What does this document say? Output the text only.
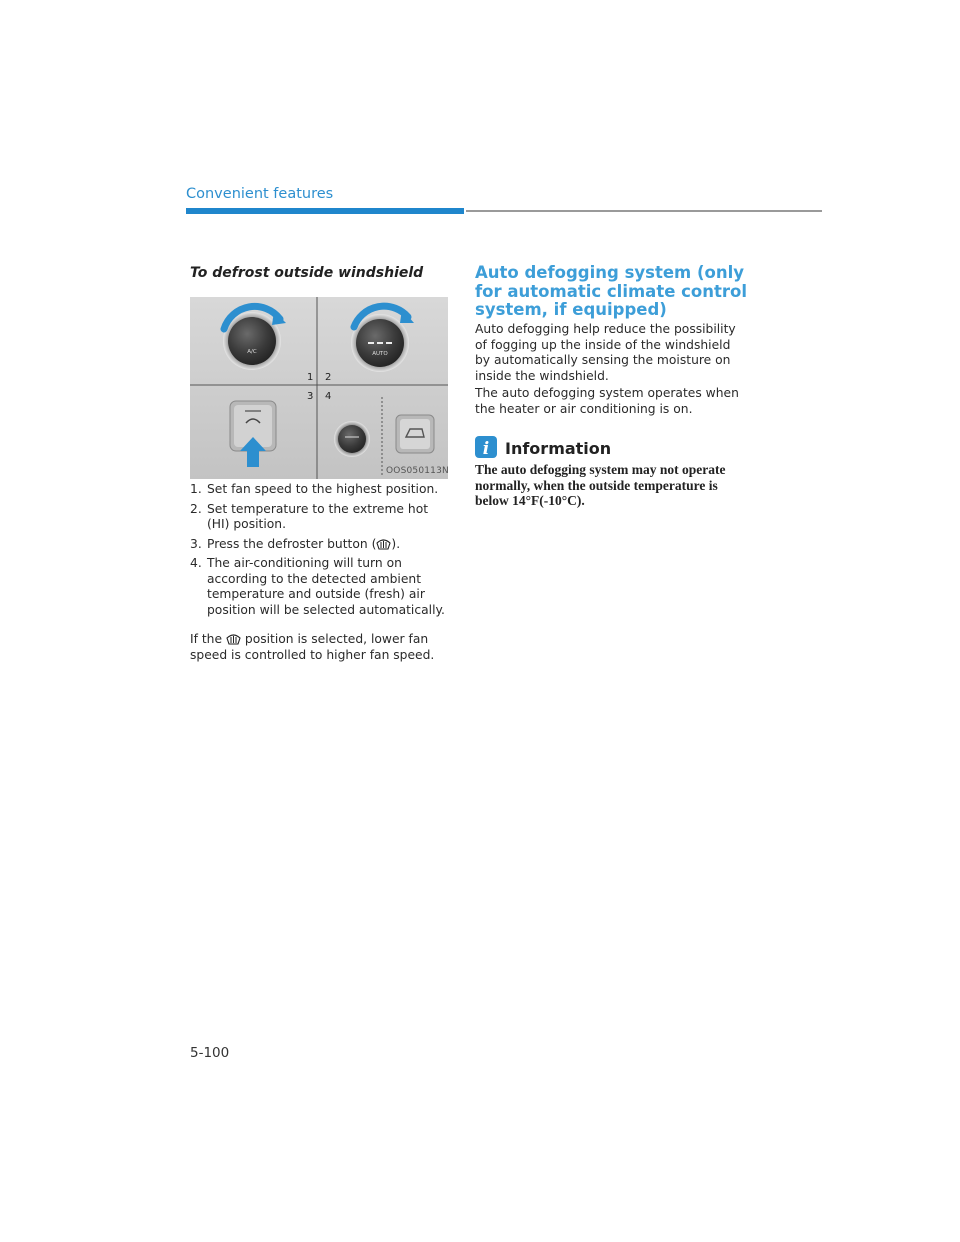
Convenient features
To defrost outside windshield
A/C	AUTO
1 2
3 4
OOS050113N
1. Set fan speed to the highest position.
2. Set temperature to the extreme hot (HI) position.
3. Press the defroster button ( ).
4. The air-conditioning will turn on according to the detected ambient temperature and outside (fresh) air position will be selected automatically.

If the position is selected, lower fan speed is controlled to higher fan speed.

Auto defogging system (only for automatic climate control system, if equipped)

Auto defogging help reduce the possibility of fogging up the inside of the windshield by automatically sensing the moisture on inside the windshield.

The auto defogging system operates when the heater or air conditioning is on.

i Information

The auto defogging system may not operate normally, when the outside temperature is below 14°F(-10°C).

5-100
